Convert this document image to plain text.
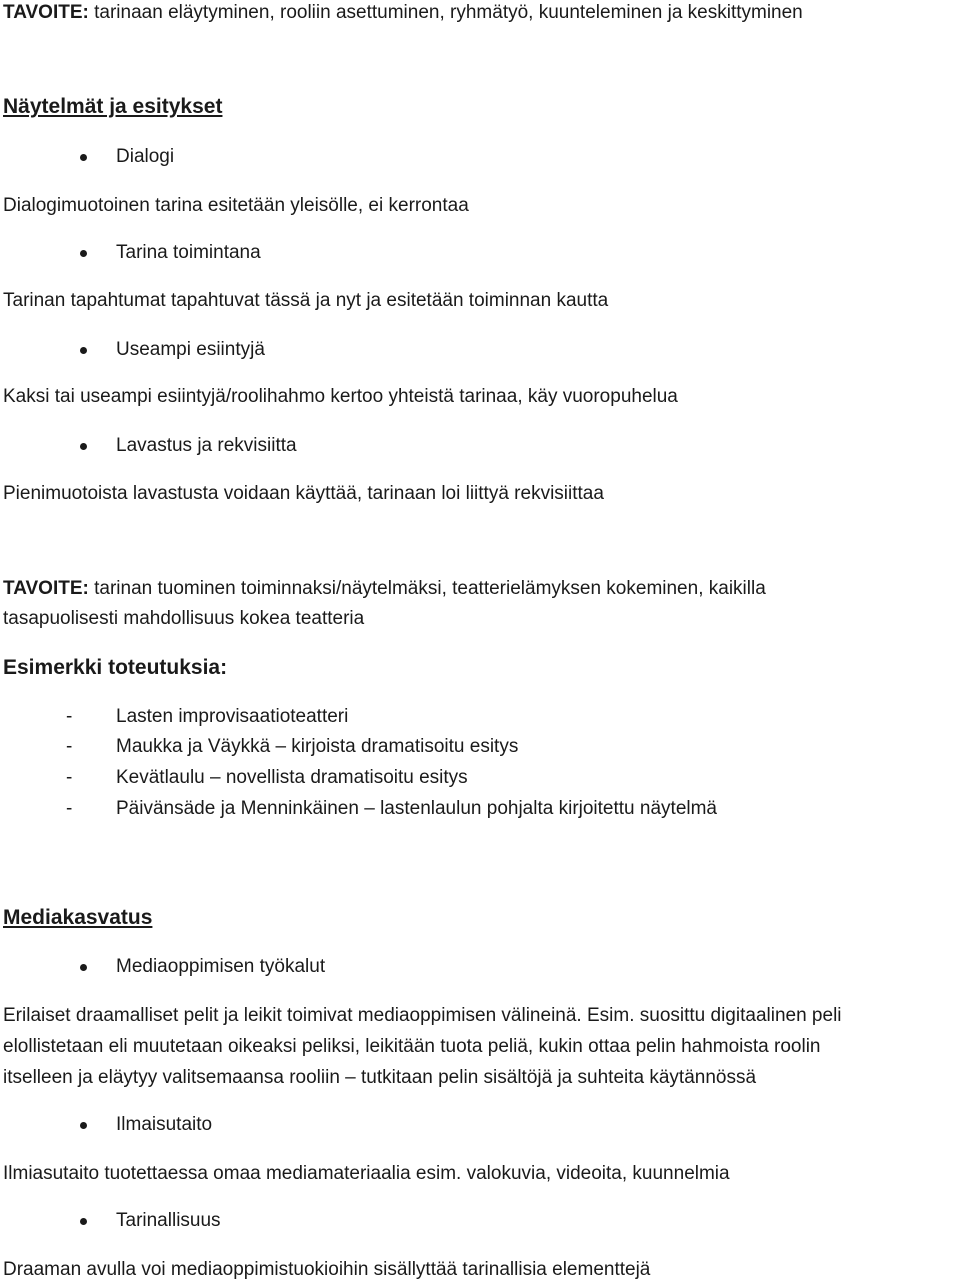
TAVOITE: tarinaan eläytyminen, rooliin asettuminen, ryhmätyö, kuunteleminen ja keskittyminen
Näytelmät ja esitykset
Dialogi
Dialogimuotoinen tarina esitetään yleisölle, ei kerrontaa
Tarina toimintana
Tarinan tapahtumat tapahtuvat tässä ja nyt ja esitetään toiminnan kautta
Useampi esiintyjä
Kaksi tai useampi esiintyjä/roolihahmo kertoo yhteistä tarinaa, käy vuoropuhelua
Lavastus ja rekvisiitta
Pienimuotoista lavastusta voidaan käyttää, tarinaan loi liittyä rekvisiittaa
TAVOITE: tarinan tuominen toiminnaksi/näytelmäksi, teatterielämyksen kokeminen, kaikilla
tasapuolisesti mahdollisuus kokea teatteria
Esimerkki toteutuksia:
- Lasten improvisaatioteatteri
- Maukka ja Väykkä – kirjoista dramatisoitu esitys
- Kevätlaulu – novellista dramatisoitu esitys
- Päivänsäde ja Menninkäinen – lastenlaulun pohjalta kirjoitettu näytelmä
Mediakasvatus
Mediaoppimisen työkalut
Erilaiset draamalliset pelit ja leikit toimivat mediaoppimisen välineinä. Esim. suosittu digitaalinen peli
elollistetaan eli muutetaan oikeaksi peliksi, leikitään tuota peliä, kukin ottaa pelin hahmoista roolin
itselleen ja eläytyy valitsemaansa rooliin – tutkitaan pelin sisältöjä ja suhteita käytännössä
Ilmaisutaito
Ilmiasutaito tuotettaessa omaa mediamateriaalia esim. valokuvia, videoita, kuunnelmia
Tarinallisuus
Draaman avulla voi mediaoppimistuokioihin sisällyttää tarinallisia elementtejä
